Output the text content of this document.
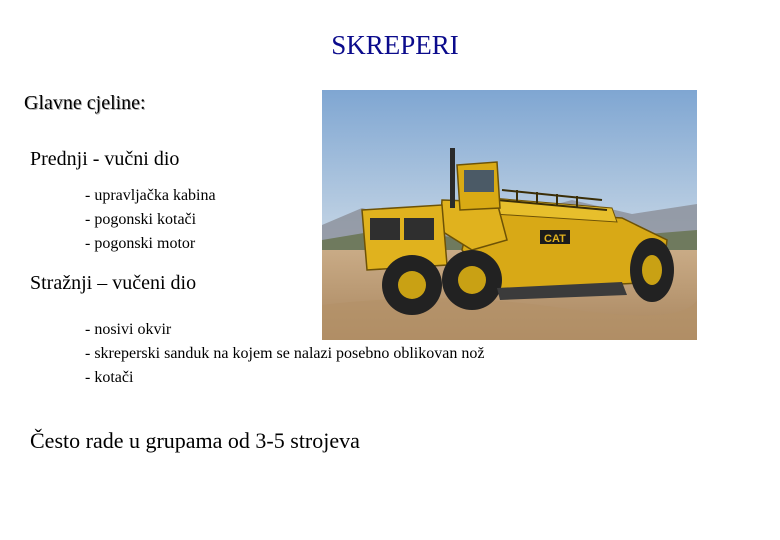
SKREPERI
Glavne cjeline:
Prednji - vučni dio
- upravljačka kabina
- pogonski kotači
- pogonski motor
Stražnji – vučeni dio
- nosivi okvir
- skreperski sanduk na kojem se nalazi posebno oblikovan nož
- kotači
Često rade u grupama od 3-5 strojeva
CAT
